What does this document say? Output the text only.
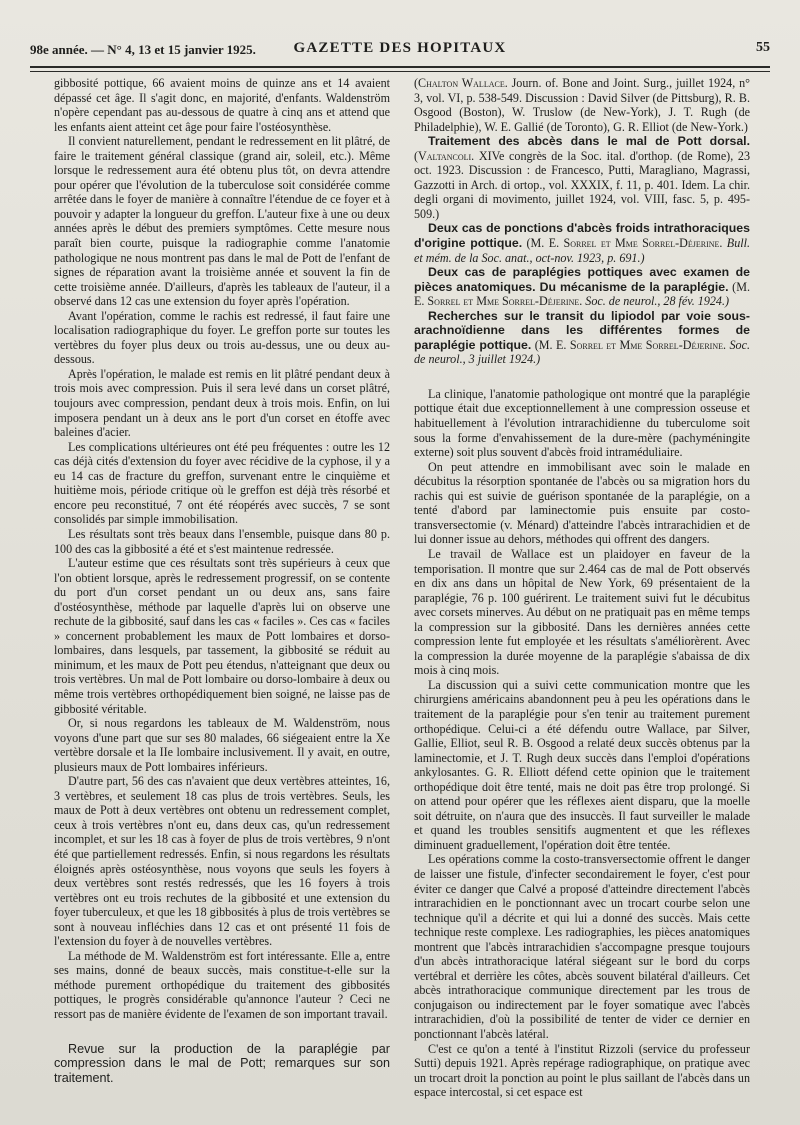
98e année. — N° 4, 13 et 15 janvier 1925.	GAZETTE DES HOPITAUX	55

gibbosité pottique, 66 avaient moins de quinze ans et 14 avaient dépassé cet âge. Il s'agit donc, en majorité, d'enfants. Waldenström n'opère cependant pas au-dessous de quatre à cinq ans et attend que les enfants aient atteint cet âge pour faire l'ostéosynthèse.

Il convient naturellement, pendant le redressement en lit plâtré, de faire le traitement général classique (grand air, soleil, etc.). Même lorsque le redressement aura été obtenu plus tôt, on devra attendre pour opérer que l'évolution de la tuberculose soit considérée comme arrêtée dans le foyer de manière à connaître l'étendue de ce foyer et à pouvoir y adapter la longueur du greffon. L'auteur fixe à une ou deux années après le début des premiers symptômes. Cette mesure nous paraît bien courte, puisque la radiographie comme l'anatomie pathologique ne nous montrent pas dans le mal de Pott de l'enfant de signes de réparation avant la troisième année et souvent la fin de cette troisième année. D'ailleurs, d'après les tableaux de l'auteur, il a observé dans 12 cas une extension du foyer après l'opération.

Avant l'opération, comme le rachis est redressé, il faut faire une localisation radiographique du foyer. Le greffon porte sur toutes les vertèbres du foyer plus deux ou trois au-dessus, une ou deux au-dessous.

Après l'opération, le malade est remis en lit plâtré pendant deux à trois mois avec compression. Puis il sera levé dans un corset plâtré, toujours avec compression, pendant deux à trois mois. Enfin, on lui imposera pendant un à deux ans le port d'un corset en étoffe avec baleines d'acier.

Les complications ultérieures ont été peu fréquentes : outre les 12 cas déjà cités d'extension du foyer avec récidive de la cyphose, il y a eu 14 cas de fracture du greffon, survenant entre le cinquième et huitième mois, période critique où le greffon est déjà très résorbé et encore peu reconstitué, 7 ont été réopérés avec succès, 7 se sont consolidés par simple immobilisation.

Les résultats sont très beaux dans l'ensemble, puisque dans 80 p. 100 des cas la gibbosité a été et s'est maintenue redressée.

L'auteur estime que ces résultats sont très supérieurs à ceux que l'on obtient lorsque, après le redressement progressif, on se contente du port d'un corset pendant un ou deux ans, sans faire d'ostéosynthèse, méthode par laquelle d'après lui on observe une rechute de la gibbosité, sauf dans les cas « faciles ». Ces cas « faciles » concernent probablement les maux de Pott lombaires et dorso-lombaires, dans lesquels, par tassement, la gibbosité se réduit au minimum, et les maux de Pott peu étendus, n'atteignant que deux ou trois vertèbres. Un mal de Pott lombaire ou dorso-lombaire à deux ou même trois vertèbres orthopédiquement bien soigné, ne laisse pas de gibbosité véritable.

Or, si nous regardons les tableaux de M. Waldenström, nous voyons d'une part que sur ses 80 malades, 66 siégeaient entre la Xe vertèbre dorsale et la IIe lombaire inclusivement. Il y avait, en outre, plusieurs maux de Pott lombaires inférieurs.

D'autre part, 56 des cas n'avaient que deux vertèbres atteintes, 16, 3 vertèbres, et seulement 18 cas plus de trois vertèbres. Seuls, les maux de Pott à deux vertèbres ont obtenu un redressement complet, ceux à trois vertèbres n'ont eu, dans deux cas, qu'un redressement incomplet, et sur les 18 cas à foyer de plus de trois vertèbres, 9 n'ont été que partiellement redressés. Enfin, si nous regardons les résultats éloignés après ostéosynthèse, nous voyons que seuls les foyers à deux vertèbres sont restés redressés, que les 16 foyers à trois vertèbres ont eu trois rechutes de la gibbosité et une extension du foyer tuberculeux, et que les 18 gibbosités à plus de trois vertèbres se sont à nouveau infléchies dans 12 cas et ont présenté 11 fois de l'extension du foyer à de nouvelles vertèbres.

La méthode de M. Waldenström est fort intéressante. Elle a, entre ses mains, donné de beaux succès, mais constitue-t-elle sur la méthode purement orthopédique du traitement des gibbosités pottiques, le progrès considérable qu'annonce l'auteur ? Ceci ne ressort pas de manière évidente de l'examen de son important travail.

Revue sur la production de la paraplégie par compression dans le mal de Pott; remarques sur son traitement.

(Chalton Wallace. Journ. of. Bone and Joint. Surg., juillet 1924, n° 3, vol. VI, p. 538-549. Discussion : David Silver (de Pittsburg), R. B. Osgood (Boston), W. Truslow (de New-York), J. T. Rugh (de Philadelphie), W. E. Gallié (de Toronto), G. R. Elliot (de New-York.)

Traitement des abcès dans le mal de Pott dorsal. (Valtancoli. XIVe congrès de la Soc. ital. d'orthop. (de Rome), 23 oct. 1923. Discussion : de Francesco, Putti, Maragliano, Magrassi, Gazzotti in Arch. di ortop., vol. XXXIX, f. 11, p. 401. Idem. La chir. degli organi di movimento, juillet 1924, vol. VIII, fasc. 5, p. 495-509.)

Deux cas de ponctions d'abcès froids intrathoraciques d'origine pottique. (M. E. Sorrel et Mme Sorrel-Déjerine. Bull. et mém. de la Soc. anat., oct-nov. 1923, p. 691.)

Deux cas de paraplégies pottiques avec examen de pièces anatomiques. Du mécanisme de la paraplégie. (M. E. Sorrel et Mme Sorrel-Déjerine. Soc. de neurol., 28 fév. 1924.)

Recherches sur le transit du lipiodol par voie sous-arachnoïdienne dans les différentes formes de paraplégie pottique. (M. E. Sorrel et Mme Sorrel-Déjerine. Soc. de neurol., 3 juillet 1924.)

La clinique, l'anatomie pathologique ont montré que la paraplégie pottique était due exceptionnellement à une compression osseuse et habituellement à l'évolution intrarachidienne du tuberculome soit sous la forme d'envahissement de la dure-mère (pachyméningite externe) soit plus souvent d'abcès froid intraméduliaire.

On peut attendre en immobilisant avec soin le malade en décubitus la résorption spontanée de l'abcès ou sa migration hors du rachis qui est suivie de guérison spontanée de la paraplégie, on a tenté d'abord par laminectomie puis ensuite par costo-transversectomie (v. Ménard) d'atteindre l'abcès intrarachidien et de lui donner issue au dehors, méthodes qui offrent des dangers.

Le travail de Wallace est un plaidoyer en faveur de la temporisation. Il montre que sur 2.464 cas de mal de Pott observés en dix ans dans un hôpital de New York, 69 présentaient de la paraplégie, 76 p. 100 guérirent. Le traitement suivi fut le décubitus avec corsets minerves. Au début on ne pratiquait pas en même temps la compression sur la gibbosité. Dans les dernières années cette compression lente fut employée et les résultats s'améliorèrent. Avec la compression la durée moyenne de la paraplégie s'abaissa de dix mois à cinq mois.

La discussion qui a suivi cette communication montre que les chirurgiens américains abandonnent peu à peu les opérations dans le traitement de la paraplégie pour s'en tenir au traitement purement orthopédique. Celui-ci a été défendu outre Wallace, par Silver, Gallie, Elliot, seul R. B. Osgood a relaté deux succès obtenus par la laminectomie, et J. T. Rugh deux succès dans l'emploi d'opérations ankylosantes. G. R. Elliott défend cette opinion que le traitement orthopédique doit être tenté, mais ne doit pas être trop prolongé. Si on attend pour opérer que les réflexes aient disparu, que la moelle soit détruite, on n'aura que des insuccès. Il faut surveiller le malade et quand les troubles sensitifs augmentent et que les réflexes diminuent graduellement, l'opération doit être tentée.

Les opérations comme la costo-transversectomie offrent le danger de laisser une fistule, d'infecter secondairement le foyer, c'est pour éviter ce danger que Calvé a proposé d'atteindre directement l'abcès intrarachidien en le ponctionnant avec un trocart courbe selon une technique qu'il a décrite et qui lui a donné des succès. Mais cette technique reste complexe. Les radiographies, les pièces anatomiques montrent que l'abcès intrarachidien s'accompagne presque toujours d'un abcès intrathoracique latéral siégeant sur le bord du corps vertébral et derrière les côtes, abcès souvent bilatéral d'ailleurs. Cet abcès intrathoracique communique directement par les trous de conjugaison ou indirectement par le foyer somatique avec l'abcès intrarachidien, d'où la possibilité de tenter de vider ce dernier en ponctionnant l'abcès latéral.

C'est ce qu'on a tenté à l'institut Rizzoli (service du professeur Sutti) depuis 1921. Après repérage radiographique, on pratique avec un trocart droit la ponction au point le plus saillant de l'abcès dans un espace intercostal, si cet espace est
